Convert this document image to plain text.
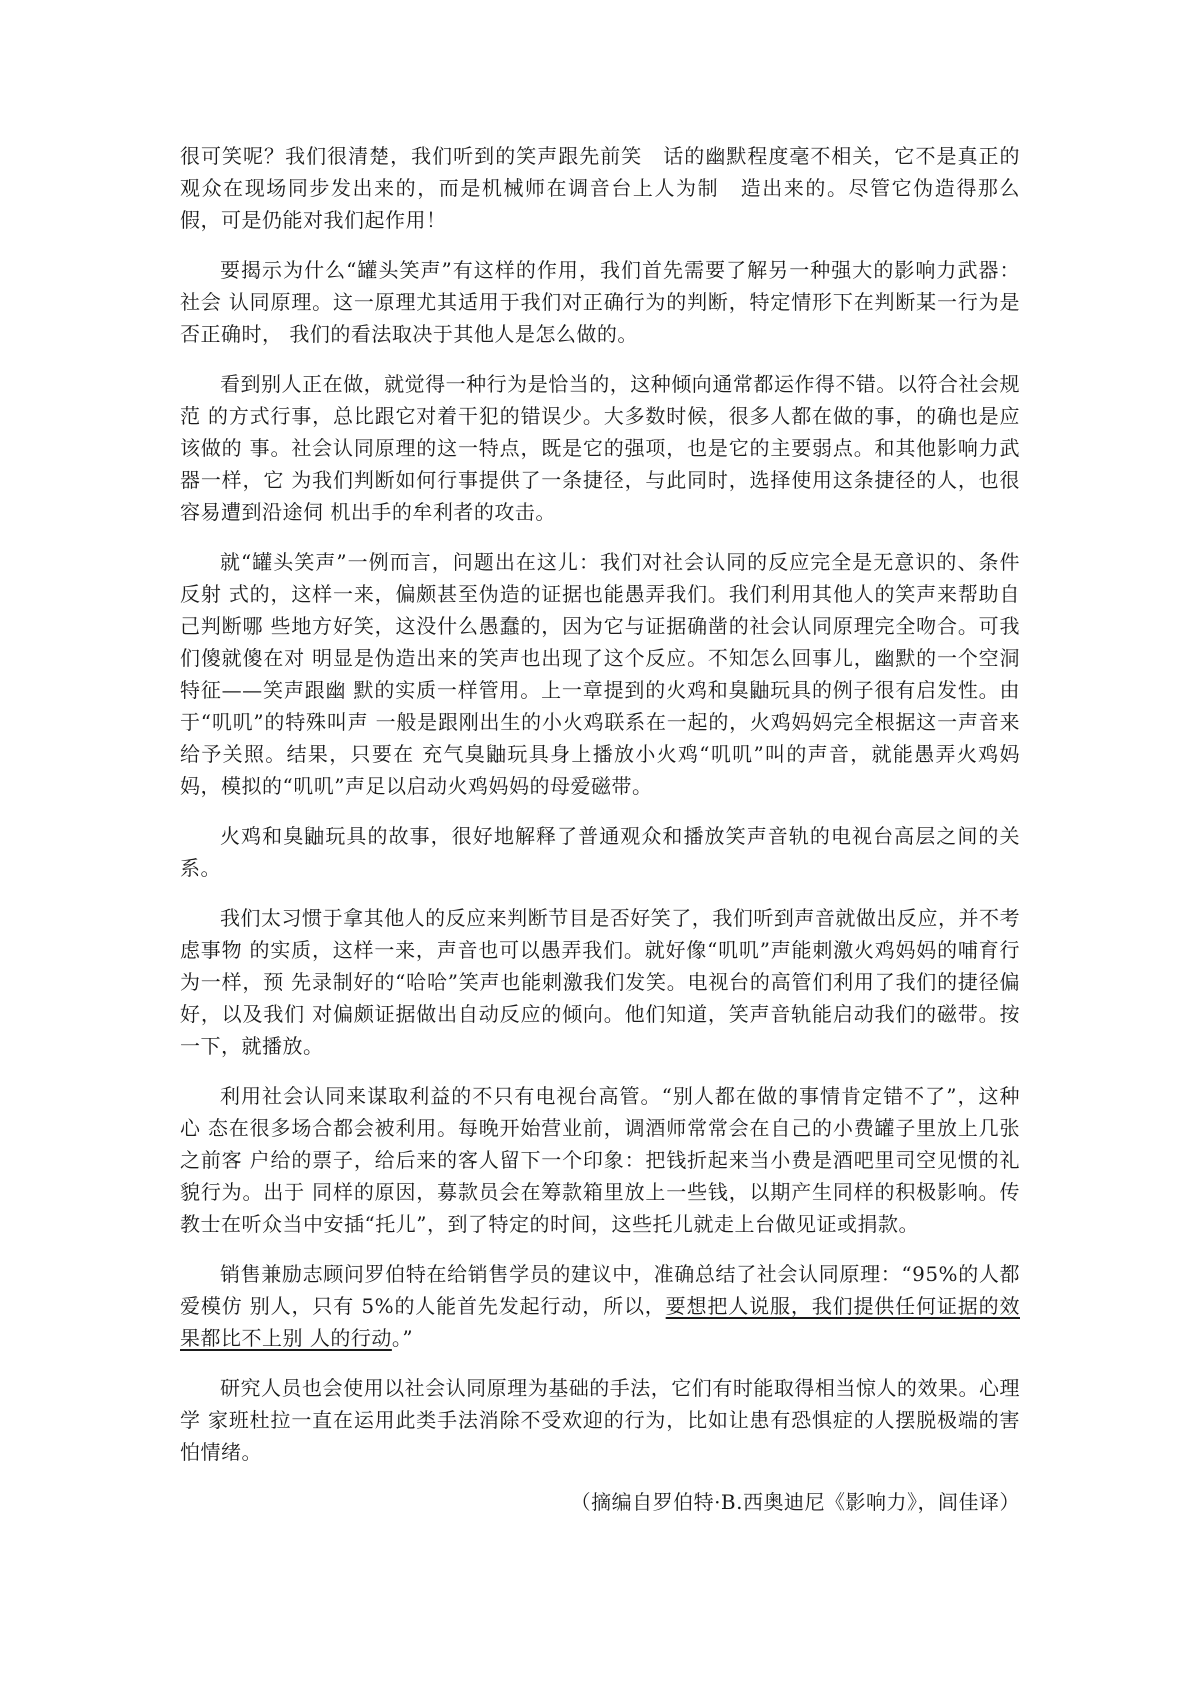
很可笑呢？我们很清楚，我们听到的笑声跟先前笑　话的幽默程度毫不相关，它不是真正的观众在现场同步发出来的，而是机械师在调音台上人为制　造出来的。尽管它伪造得那么假，可是仍能对我们起作用！

要揭示为什么“罐头笑声”有这样的作用，我们首先需要了解另一种强大的影响力武器：社会 认同原理。这一原理尤其适用于我们对正确行为的判断，特定情形下在判断某一行为是否正确时， 我们的看法取决于其他人是怎么做的。

看到别人正在做，就觉得一种行为是恰当的，这种倾向通常都运作得不错。以符合社会规范 的方式行事，总比跟它对着干犯的错误少。大多数时候，很多人都在做的事，的确也是应该做的 事。社会认同原理的这一特点，既是它的强项，也是它的主要弱点。和其他影响力武器一样，它 为我们判断如何行事提供了一条捷径，与此同时，选择使用这条捷径的人，也很容易遭到沿途伺 机出手的牟利者的攻击。

就“罐头笑声”一例而言，问题出在这儿：我们对社会认同的反应完全是无意识的、条件反射 式的，这样一来，偏颇甚至伪造的证据也能愚弄我们。我们利用其他人的笑声来帮助自己判断哪 些地方好笑，这没什么愚蠢的，因为它与证据确凿的社会认同原理完全吻合。可我们傻就傻在对 明显是伪造出来的笑声也出现了这个反应。不知怎么回事儿，幽默的一个空洞特征——笑声跟幽 默的实质一样管用。上一章提到的火鸡和臭鼬玩具的例子很有启发性。由于“叽叽”的特殊叫声 一般是跟刚出生的小火鸡联系在一起的，火鸡妈妈完全根据这一声音来给予关照。结果，只要在 充气臭鼬玩具身上播放小火鸡“叽叽”叫的声音，就能愚弄火鸡妈妈，模拟的“叽叽”声足以启动火鸡妈妈的母爱磁带。

火鸡和臭鼬玩具的故事，很好地解释了普通观众和播放笑声音轨的电视台高层之间的关系。

我们太习惯于拿其他人的反应来判断节目是否好笑了，我们听到声音就做出反应，并不考虑事物 的实质，这样一来，声音也可以愚弄我们。就好像“叽叽”声能刺激火鸡妈妈的哺育行为一样，预 先录制好的“哈哈”笑声也能刺激我们发笑。电视台的高管们利用了我们的捷径偏好，以及我们 对偏颇证据做出自动反应的倾向。他们知道，笑声音轨能启动我们的磁带。按一下，就播放。

利用社会认同来谋取利益的不只有电视台高管。“别人都在做的事情肯定错不了”，这种心 态在很多场合都会被利用。每晚开始营业前，调酒师常常会在自己的小费罐子里放上几张之前客 户给的票子，给后来的客人留下一个印象：把钱折起来当小费是酒吧里司空见惯的礼貌行为。出于 同样的原因，募款员会在筹款箱里放上一些钱，以期产生同样的积极影响。传教士在听众当中安插“托儿”，到了特定的时间，这些托儿就走上台做见证或捐款。

销售兼励志顾问罗伯特在给销售学员的建议中，准确总结了社会认同原理：“95%的人都爱模仿 别人，只有 5%的人能首先发起行动，所以，要想把人说服，我们提供任何证据的效果都比不上别 人的行动。”

研究人员也会使用以社会认同原理为基础的手法，它们有时能取得相当惊人的效果。心理学 家班杜拉一直在运用此类手法消除不受欢迎的行为，比如让患有恐惧症的人摆脱极端的害怕情绪。

（摘编自罗伯特·B.西奥迪尼《影响力》，闾佳译）
